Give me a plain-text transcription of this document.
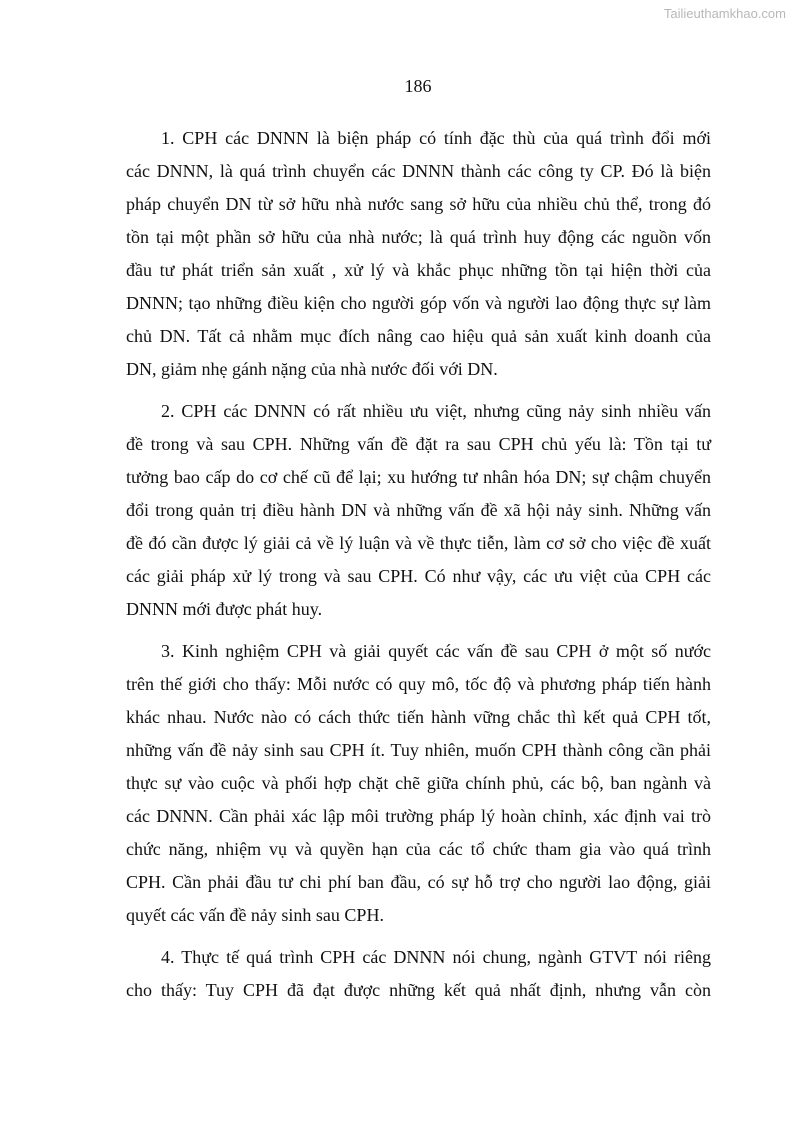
Tailieuthamkhao.com
186

1. CPH các DNNN là biện pháp có tính đặc thù của quá trình đổi mới
các DNNN, là quá trình chuyển các DNNN thành các công ty CP. Đó là biện
pháp chuyển DN từ sở hữu nhà nước sang sở hữu của nhiều chủ thể, trong đó
tồn tại một phần sở hữu của nhà nước; là quá trình huy động các nguồn vốn
đầu tư phát triển sản xuất , xử lý và khắc phục những tồn tại hiện thời của
DNNN; tạo những điều kiện cho người góp vốn và người lao động thực sự làm
chủ DN. Tất cả nhằm mục đích nâng cao hiệu quả sản xuất kinh doanh của
DN, giảm nhẹ gánh nặng của nhà nước đối với DN.

2. CPH các DNNN có rất nhiều ưu việt, nhưng cũng nảy sinh nhiều vấn
đề trong và sau CPH. Những vấn đề đặt ra sau CPH chủ yếu là: Tồn tại tư
tưởng bao cấp do cơ chế cũ để lại; xu hướng tư nhân hóa DN; sự chậm chuyển
đổi trong quản trị điều hành DN và những vấn đề xã hội nảy sinh. Những vấn
đề đó cần được lý giải cả về lý luận và về thực tiễn, làm cơ sở cho việc đề xuất
các giải pháp xử lý trong và sau CPH. Có như vậy, các ưu việt của CPH các
DNNN mới được phát huy.

3. Kinh nghiệm CPH và giải quyết các vấn đề sau CPH ở một số nước
trên thế giới cho thấy: Mỗi nước có quy mô, tốc độ và phương pháp tiến hành
khác nhau. Nước nào có cách thức tiến hành vững chắc thì kết quả CPH tốt,
những vấn đề nảy sinh sau CPH ít. Tuy nhiên, muốn CPH thành công cần phải
thực sự vào cuộc và phối hợp chặt chẽ giữa chính phủ, các bộ, ban ngành và
các DNNN. Cần phải xác lập môi trường pháp lý hoàn chỉnh, xác định vai trò
chức năng, nhiệm vụ và quyền hạn của các tổ chức tham gia vào quá trình
CPH. Cần phải đầu tư chi phí ban đầu, có sự hỗ trợ cho người lao động, giải
quyết các vấn đề nảy sinh sau CPH.

4. Thực tế quá trình CPH các DNNN nói chung, ngành GTVT nói riêng
cho thấy: Tuy CPH đã đạt được những kết quả nhất định, nhưng vẫn còn
